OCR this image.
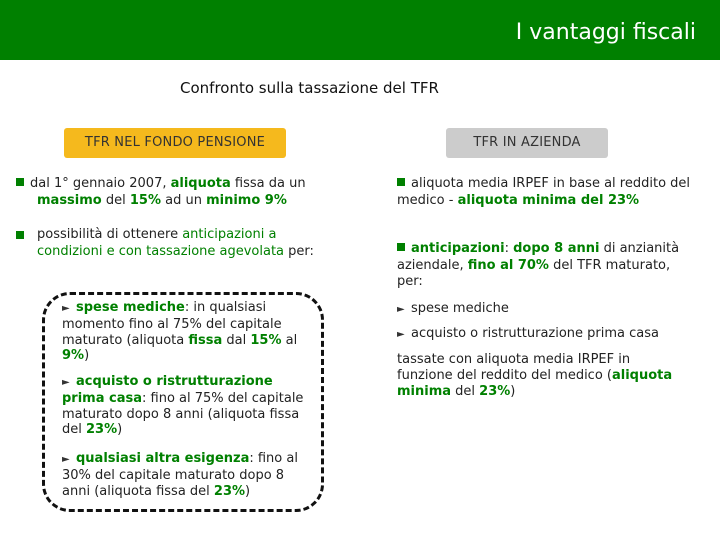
I vantaggi fiscali
Confronto sulla tassazione del TFR
TFR NEL FONDO PENSIONE	TFR IN AZIENDA
dal 1° gennaio 2007, aliquota fissa da un
massimo del 15% ad un minimo 9%
possibilità di ottenere anticipazioni a condizioni e con tassazione agevolata per:
► spese mediche: in qualsiasi momento fino al 75% del capitale maturato (aliquota fissa dal 15% al 9%)
► acquisto o ristrutturazione prima casa: fino al 75% del capitale maturato dopo 8 anni (aliquota fissa del 23%)
► qualsiasi altra esigenza: fino al 30% del capitale maturato dopo 8 anni (aliquota fissa del 23%)
aliquota media IRPEF in base al reddito del medico - aliquota minima del 23%
anticipazioni: dopo 8 anni di anzianità aziendale, fino al 70% del TFR maturato, per:
► spese mediche
► acquisto o ristrutturazione prima casa
tassate con aliquota media IRPEF in funzione del reddito del medico (aliquota minima del 23%)
